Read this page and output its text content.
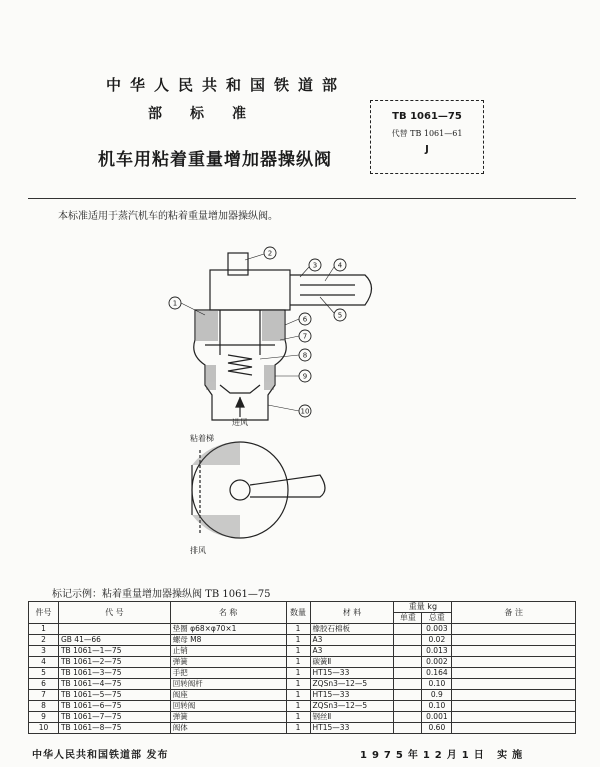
中华人民共和国铁道部
部标准
机车用粘着重量增加器操纵阀
TB 1061—75
代替 TB 1061—61
J
本标准适用于蒸汽机车的粘着重量增加器操纵阀。
1
2
3	4
5
6
7
8
9
10
进风
粘着梯
排风
标记示例：粘着重量增加器操纵阀 TB 1061—75
件号	代 号	名 称	数量	材 料	重量 kg		备 注
					单重	总重	
1		垫圈 φ68×φ70×1	1	橡胶石棉板		0.003	
2	GB 41—66	螺母 M8	1	A3		0.02	
3	TB 1061—1—75	止销	1	A3		0.013	
4	TB 1061—2—75	弹簧	1	碳簧Ⅱ		0.002	
5	TB 1061—3—75	手把	1	HT15—33		0.164	
6	TB 1061—4—75	回转阀杆	1	ZQSn3—12—5		0.10	
7	TB 1061—5—75	阀座	1	HT15—33		0.9	
8	TB 1061—6—75	回转阀	1	ZQSn3—12—5		0.10	
9	TB 1061—7—75	弹簧	1	钢丝Ⅱ		0.001	
10	TB 1061—8—75	阀体	1	HT15—33		0.60	
中华人民共和国铁道部 发布	1975年12月1日 实施
